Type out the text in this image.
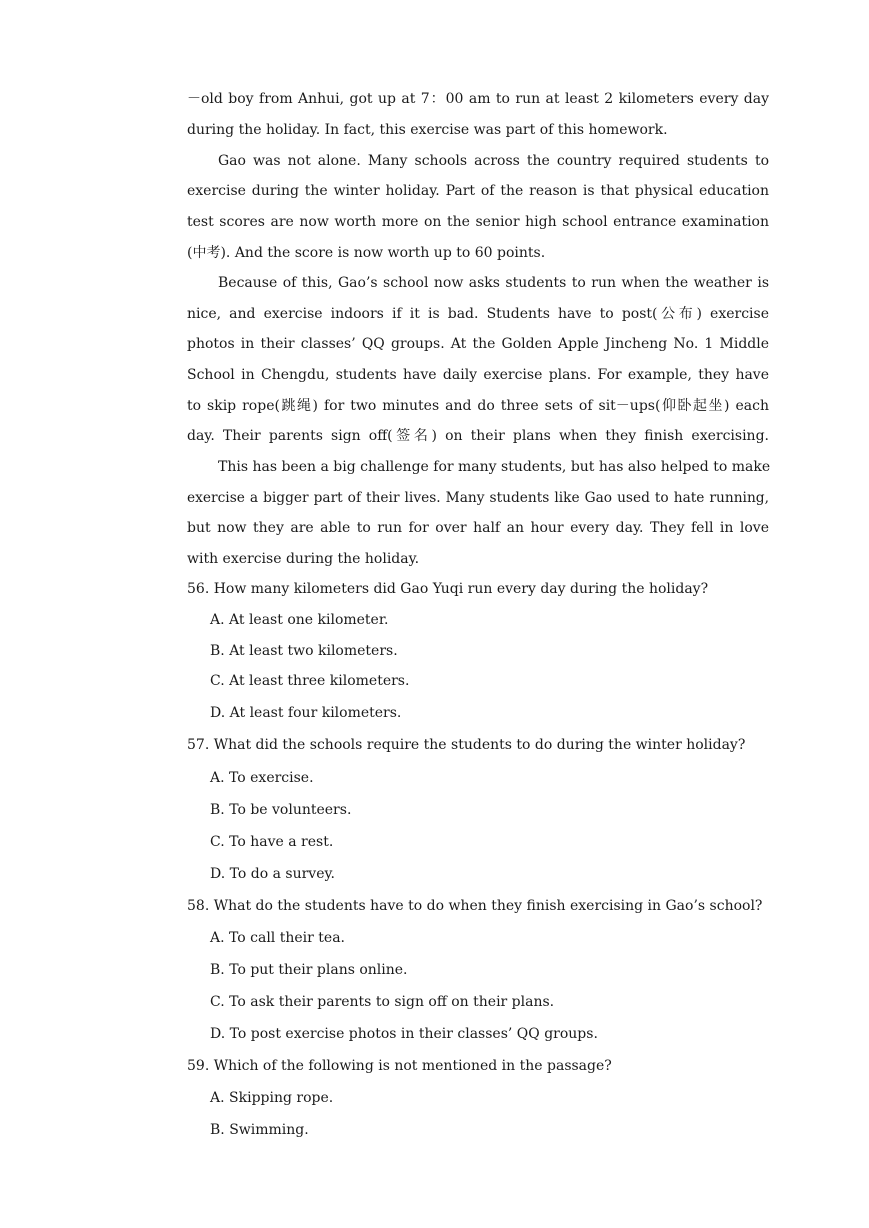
－old boy from Anhui, got up at 7：00 am to run at least 2 kilometers every day
during the holiday. In fact, this exercise was part of this homework.
Gao was not alone. Many schools across the country required students to
exercise during the winter holiday. Part of the reason is that physical education
test scores are now worth more on the senior high school entrance examination
(中考). And the score is now worth up to 60 points.
Because of this, Gao’s school now asks students to run when the weather is
nice, and exercise indoors if it is bad. Students have to post(公布) exercise
photos in their classes’ QQ groups. At the Golden Apple Jincheng No. 1 Middle
School in Chengdu, students have daily exercise plans. For example, they have
to skip rope(跳绳) for two minutes and do three sets of sit－ups(仰卧起坐) each
day. Their parents sign off(签名) on their plans when they finish exercising.
This has been a big challenge for many students, but has also helped to make
exercise a bigger part of their lives. Many students like Gao used to hate running,
but now they are able to run for over half an hour every day. They fell in love
with exercise during the holiday.
56. How many kilometers did Gao Yuqi run every day during the holiday?
A. At least one kilometer.
B. At least two kilometers.
C. At least three kilometers.
D. At least four kilometers.
57. What did the schools require the students to do during the winter holiday?
A. To exercise.
B. To be volunteers.
C. To have a rest.
D. To do a survey.
58. What do the students have to do when they finish exercising in Gao’s school?
A. To call their tea.
B. To put their plans online.
C. To ask their parents to sign off on their plans.
D. To post exercise photos in their classes’ QQ groups.
59. Which of the following is not mentioned in the passage?
A. Skipping rope.
B. Swimming.
